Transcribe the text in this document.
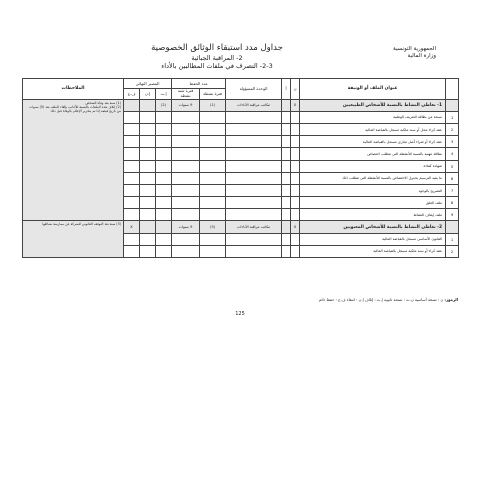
الجمهورية التونسية
وزارة المالية
جداول مدد استبقاء الوثائق الخصوصية
2- المراقبة الجبائية
2-3- التصرف في ملفات المطالبين بالأداء
	عنوان الملف أو الوثيقة	ن	أ	الوحدة المسؤولة	مدد الحفظ		المصير النهائي			الملاحظات
					فترة نشطة	فترة شبه نشطة	إ.ت	إ.ن	ف.ج	

	1- تعاطي النشاط بالنسبة للأشخاص الطبيعيين	X		مكاتب مراقبة الأداءات	(1)	9 سنوات	(2)			(1) سنة بعد وفاة الشخص
(2) إتلاف هذه الملفات بالنسبة للأجانب بإلغاء الملف بعد (5) سنوات من تاريخ قبضه إذا تم بتحرير الإعلام بالوفاة قبل ذلك
1	نسخة من بطاقة التعريف الوطنية									
2	عقد كراء محل أو سند ملكية مسجل بالقباضة المالية									
3	عقد كراء أو شراء أصل تجاري مسجل بالقباضة المالية									
4	بطاقة مهنية بالنسبة للأنشطة التي تتطلب اختصاص									
5	شهادة كفاءة									
6	ما يفيد الترسيم بجدول الاختصاص بالنسبة للأنشطة التي تتطلب ذلك									
7	التصريح بالوجود									
8	ملف الغلق									
9	ملف إيقاف النشاط									
	2- تعاطي النشاط بالنسبة للأشخاص المعنويين	X		مكاتب مراقبة الأداءات	(3)	9 سنوات			X	(3) سنة بعد التوقف القانوني للشركة عن ممارسة نشاطها
1	القانون الأساسي مسجل بالقباضة المالية									
2	عقد كراء أو سند ملكية مسجل بالقباضة المالية									
الرموز: ن : نسخة أساسية ن.ث : نسخة ثانوية إ.ت : إتلاف إ.ن : انتقاء ف.ج : حفظ دائم
125
